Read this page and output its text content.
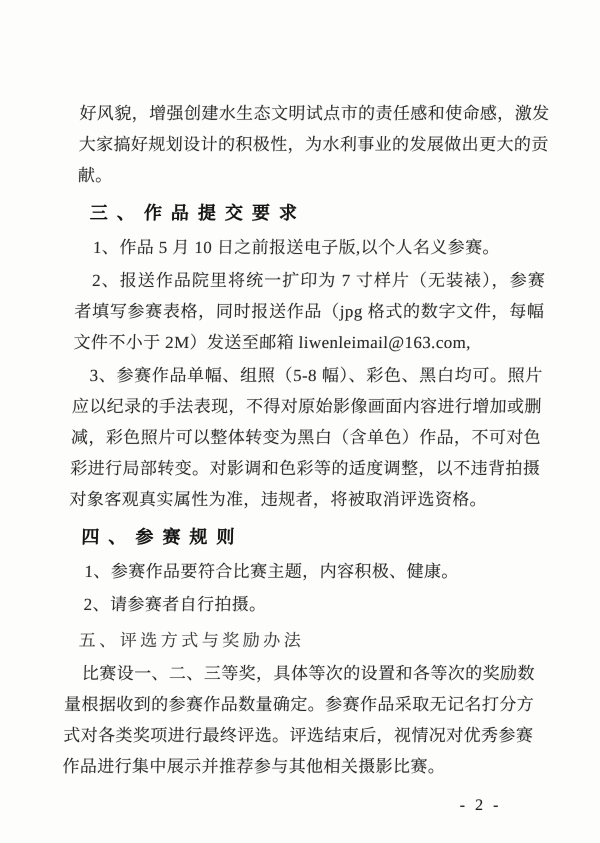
好风貌，增强创建水生态文明试点市的责任感和使命感，激发大家搞好规划设计的积极性，为水利事业的发展做出更大的贡献。

三、作品提交要求

1、作品 5 月 10 日之前报送电子版,以个人名义参赛。

2、报送作品院里将统一扩印为 7 寸样片（无装裱），参赛者填写参赛表格，同时报送作品（jpg 格式的数字文件，每幅文件不小于 2M）发送至邮箱 liwenleimail@163.com,

3、参赛作品单幅、组照（5-8 幅）、彩色、黑白均可。照片应以纪录的手法表现，不得对原始影像画面内容进行增加或删减，彩色照片可以整体转变为黑白（含单色）作品，不可对色彩进行局部转变。对影调和色彩等的适度调整，以不违背拍摄对象客观真实属性为准，违规者，将被取消评选资格。

四、参赛规则

1、参赛作品要符合比赛主题，内容积极、健康。

2、请参赛者自行拍摄。

五、评选方式与奖励办法

比赛设一、二、三等奖，具体等次的设置和各等次的奖励数量根据收到的参赛作品数量确定。参赛作品采取无记名打分方式对各类奖项进行最终评选。评选结束后，视情况对优秀参赛作品进行集中展示并推荐参与其他相关摄影比赛。

- 2 -
